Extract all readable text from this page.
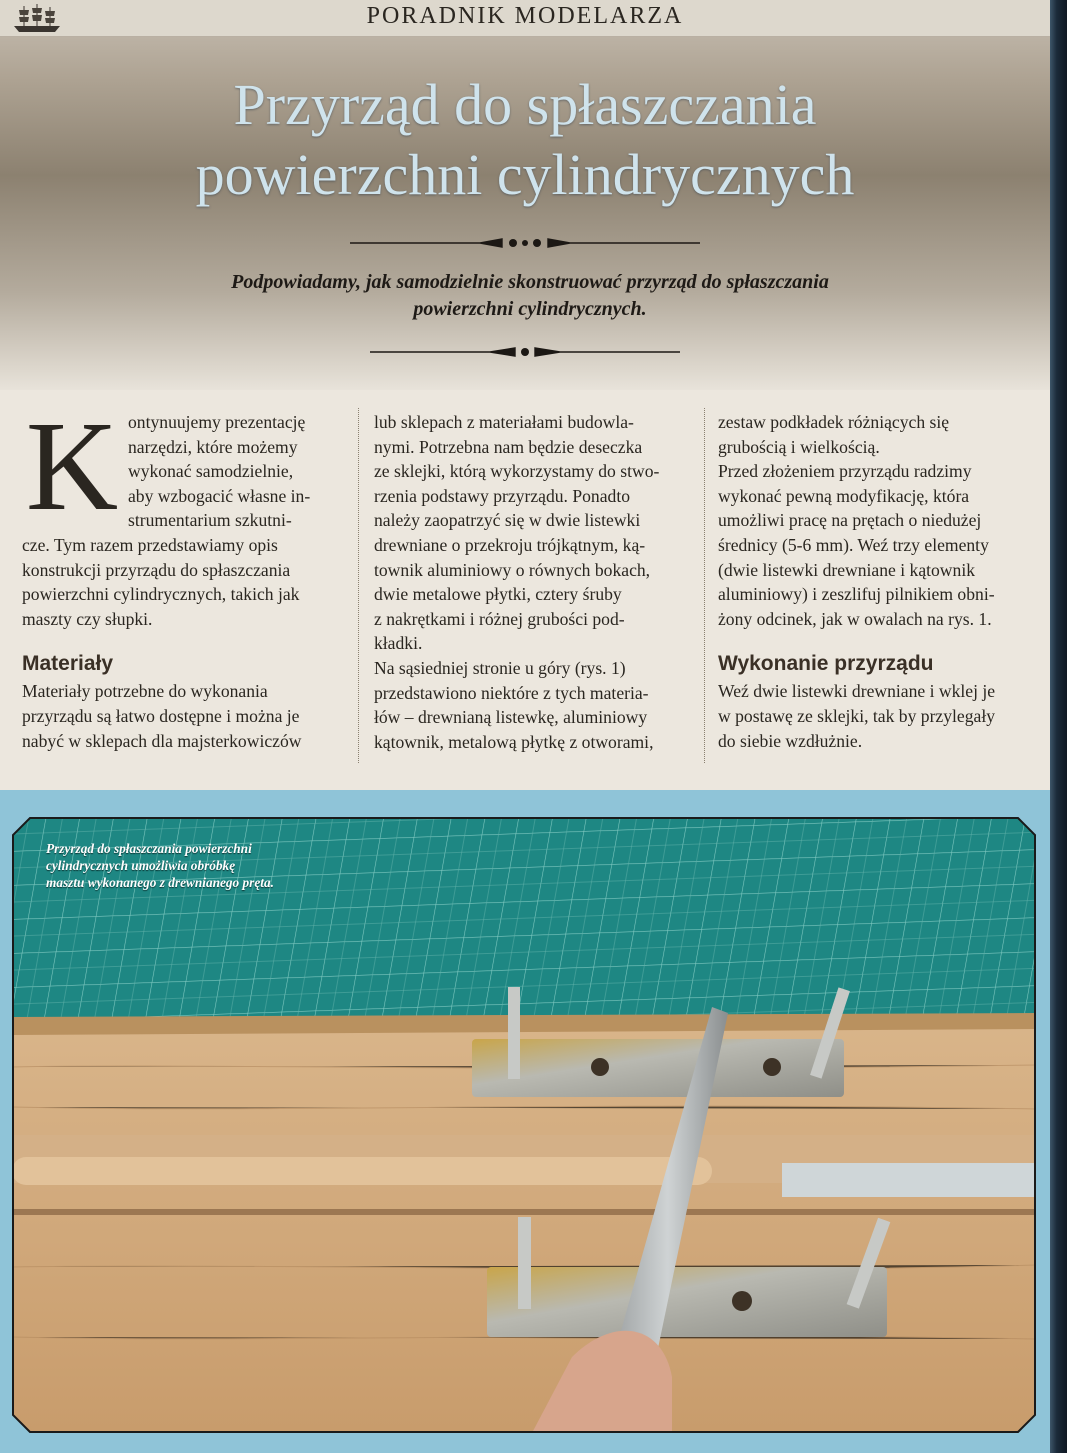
PORADNIK MODELARZA
Przyrząd do spłaszczania
powierzchni cylindrycznych
Podpowiadamy, jak samodzielnie skonstruować przyrząd do spłaszczania
powierzchni cylindrycznych.
K ontynuujemy prezentację

narzędzi, które możemy

wykonać samodzielnie,

aby wzbogacić własne in-

strumentarium szkutni-

cze. Tym razem przedstawiamy opis

konstrukcji przyrządu do spłaszczania

powierzchni cylindrycznych, takich jak

maszty czy słupki.

Materiały

Materiały potrzebne do wykonania

przyrządu są łatwo dostępne i można je

nabyć w sklepach dla majsterkowiczów

lub sklepach z materiałami budowla-

nymi. Potrzebna nam będzie deseczka

ze sklejki, którą wykorzystamy do stwo-

rzenia podstawy przyrządu. Ponadto

należy zaopatrzyć się w dwie listewki

drewniane o przekroju trójkątnym, ką-

townik aluminiowy o równych bokach,

dwie metalowe płytki, cztery śruby

z nakrętkami i różnej grubości pod-

kładki.

Na sąsiedniej stronie u góry (rys. 1)

przedstawiono niektóre z tych materia-

łów – drewnianą listewkę, aluminiowy

kątownik, metalową płytkę z otworami,

zestaw podkładek różniących się

grubością i wielkością.

Przed złożeniem przyrządu radzimy

wykonać pewną modyfikację, która

umożliwi pracę na prętach o niedużej

średnicy (5-6 mm). Weź trzy elementy

(dwie listewki drewniane i kątownik

aluminiowy) i zeszlifuj pilnikiem obni-

żony odcinek, jak w owalach na rys. 1.

Wykonanie przyrządu

Weź dwie listewki drewniane i wklej je

w postawę ze sklejki, tak by przylegały

do siebie wzdłużnie.

Przyrząd do spłaszczania powierzchni
cylindrycznych umożliwia obróbkę
masztu wykonanego z drewnianego pręta.
